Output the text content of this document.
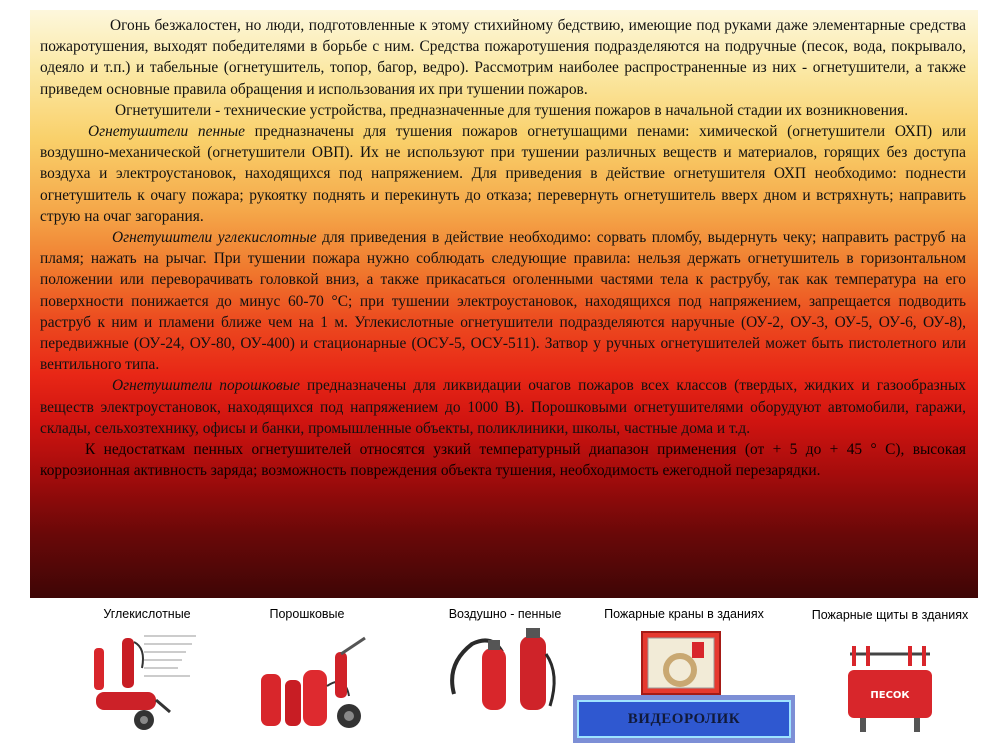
Огонь безжалостен, но люди, подготовленные к этому стихийному бедствию, имеющие под руками даже элементарные средства пожаротушения, выходят победителями в борьбе с ним. Средства пожаротушения подразделяются на подручные (песок, вода, покрывало, одеяло и т.п.) и табельные (огнетушитель, топор, багор, ведро). Рассмотрим наиболее распространенные из них - огнетушители, а также приведем основные правила обращения и использования их при тушении пожаров.

Огнетушители - технические устройства, предназначенные для тушения пожаров в начальной стадии их возникновения.

Огнетушители пенные предназначены для тушения пожаров огнетушащими пенами: химической (огнетушители ОХП) или воздушно-механической (огнетушители ОВП). Их не используют при тушении различных веществ и материалов, горящих без доступа воздуха и электроустановок, находящихся под напряжением. Для приведения в действие огнетушителя ОХП необходимо: поднести огнетушитель к очагу пожара; рукоятку поднять и перекинуть до отказа; перевернуть огнетушитель вверх дном и встряхнуть; направить струю на очаг загорания.

Огнетушители углекислотные для приведения в действие необходимо: сорвать пломбу, выдернуть чеку; направить раструб на пламя; нажать на рычаг. При тушении пожара нужно соблюдать следующие правила: нельзя держать огнетушитель в горизонтальном положении или переворачивать головкой вниз, а также прикасаться оголенными частями тела к раструбу, так как температура на его поверхности понижается до минус 60-70 °С; при тушении электроустановок, находящихся под напряжением, запрещается подводить раструб к ним и пламени ближе чем на 1 м. Углекислотные огнетушители подразделяются наручные (ОУ-2, ОУ-3, ОУ-5, ОУ-6, ОУ-8), передвижные (ОУ-24, ОУ-80, ОУ-400) и стационарные (ОСУ-5, ОСУ-511). Затвор у ручных огнетушителей может быть пистолетного или вентильного типа.

Огнетушители порошковые предназначены для ликвидации очагов пожаров всех классов (твердых, жидких и газообразных веществ электроустановок, находящихся под напряжением до 1000 В). Порошковыми огнетушителями оборудуют автомобили, гаражи, склады, сельхозтехнику, офисы и банки, промышленные объекты, поликлиники, школы, частные дома и т.д.

К недостаткам пенных огнетушителей относятся узкий температурный диапазон применения (от + 5 до + 45 ° С), высокая коррозионная активность заряда; возможность повреждения объекта тушения, необходимость ежегодной перезарядки.

Углекислотные	Порошковые	Воздушно - пенные	Пожарные краны в зданиях	Пожарные щиты в зданиях
ПЕСОК
ВИДЕОРОЛИК
